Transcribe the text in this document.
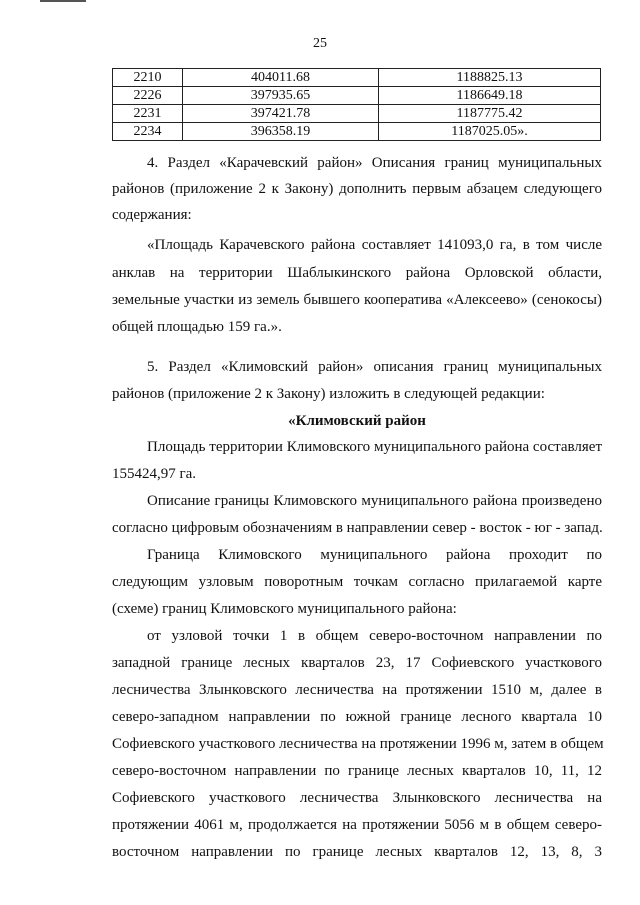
25
2210	404011.68	1188825.13
2226	397935.65	1186649.18
2231	397421.78	1187775.42
2234	396358.19	1187025.05».
4. Раздел «Карачевский район» Описания границ муниципальных
районов (приложение 2 к Закону) дополнить первым абзацем следующего
содержания:
«Площадь Карачевского района составляет 141093,0 га, в том числе
анклав на территории Шаблыкинского района Орловской области,
земельные участки из земель бывшего кооператива «Алексеево» (сенокосы)
общей площадью 159 га.».
5. Раздел «Климовский район» описания границ муниципальных
районов (приложение 2 к Закону) изложить в следующей редакции:
«Климовский район
Площадь территории Климовского муниципального района составляет
155424,97 га.
Описание границы Климовского муниципального района произведено
согласно цифровым обозначениям в направлении север - восток - юг - запад.
Граница Климовского муниципального района проходит по
следующим узловым поворотным точкам согласно прилагаемой карте
(схеме) границ Климовского муниципального района:
от узловой точки 1 в общем северо-восточном направлении по
западной границе лесных кварталов 23, 17 Софиевского участкового
лесничества Злынковского лесничества на протяжении 1510 м, далее в
северо-западном направлении по южной границе лесного квартала 10
Софиевского участкового лесничества на протяжении 1996 м, затем в общем
северо-восточном направлении по границе лесных кварталов 10, 11, 12
Софиевского участкового лесничества Злынковского лесничества на
протяжении 4061 м, продолжается на протяжении 5056 м в общем северо-
восточном направлении по границе лесных кварталов 12, 13, 8, 3
